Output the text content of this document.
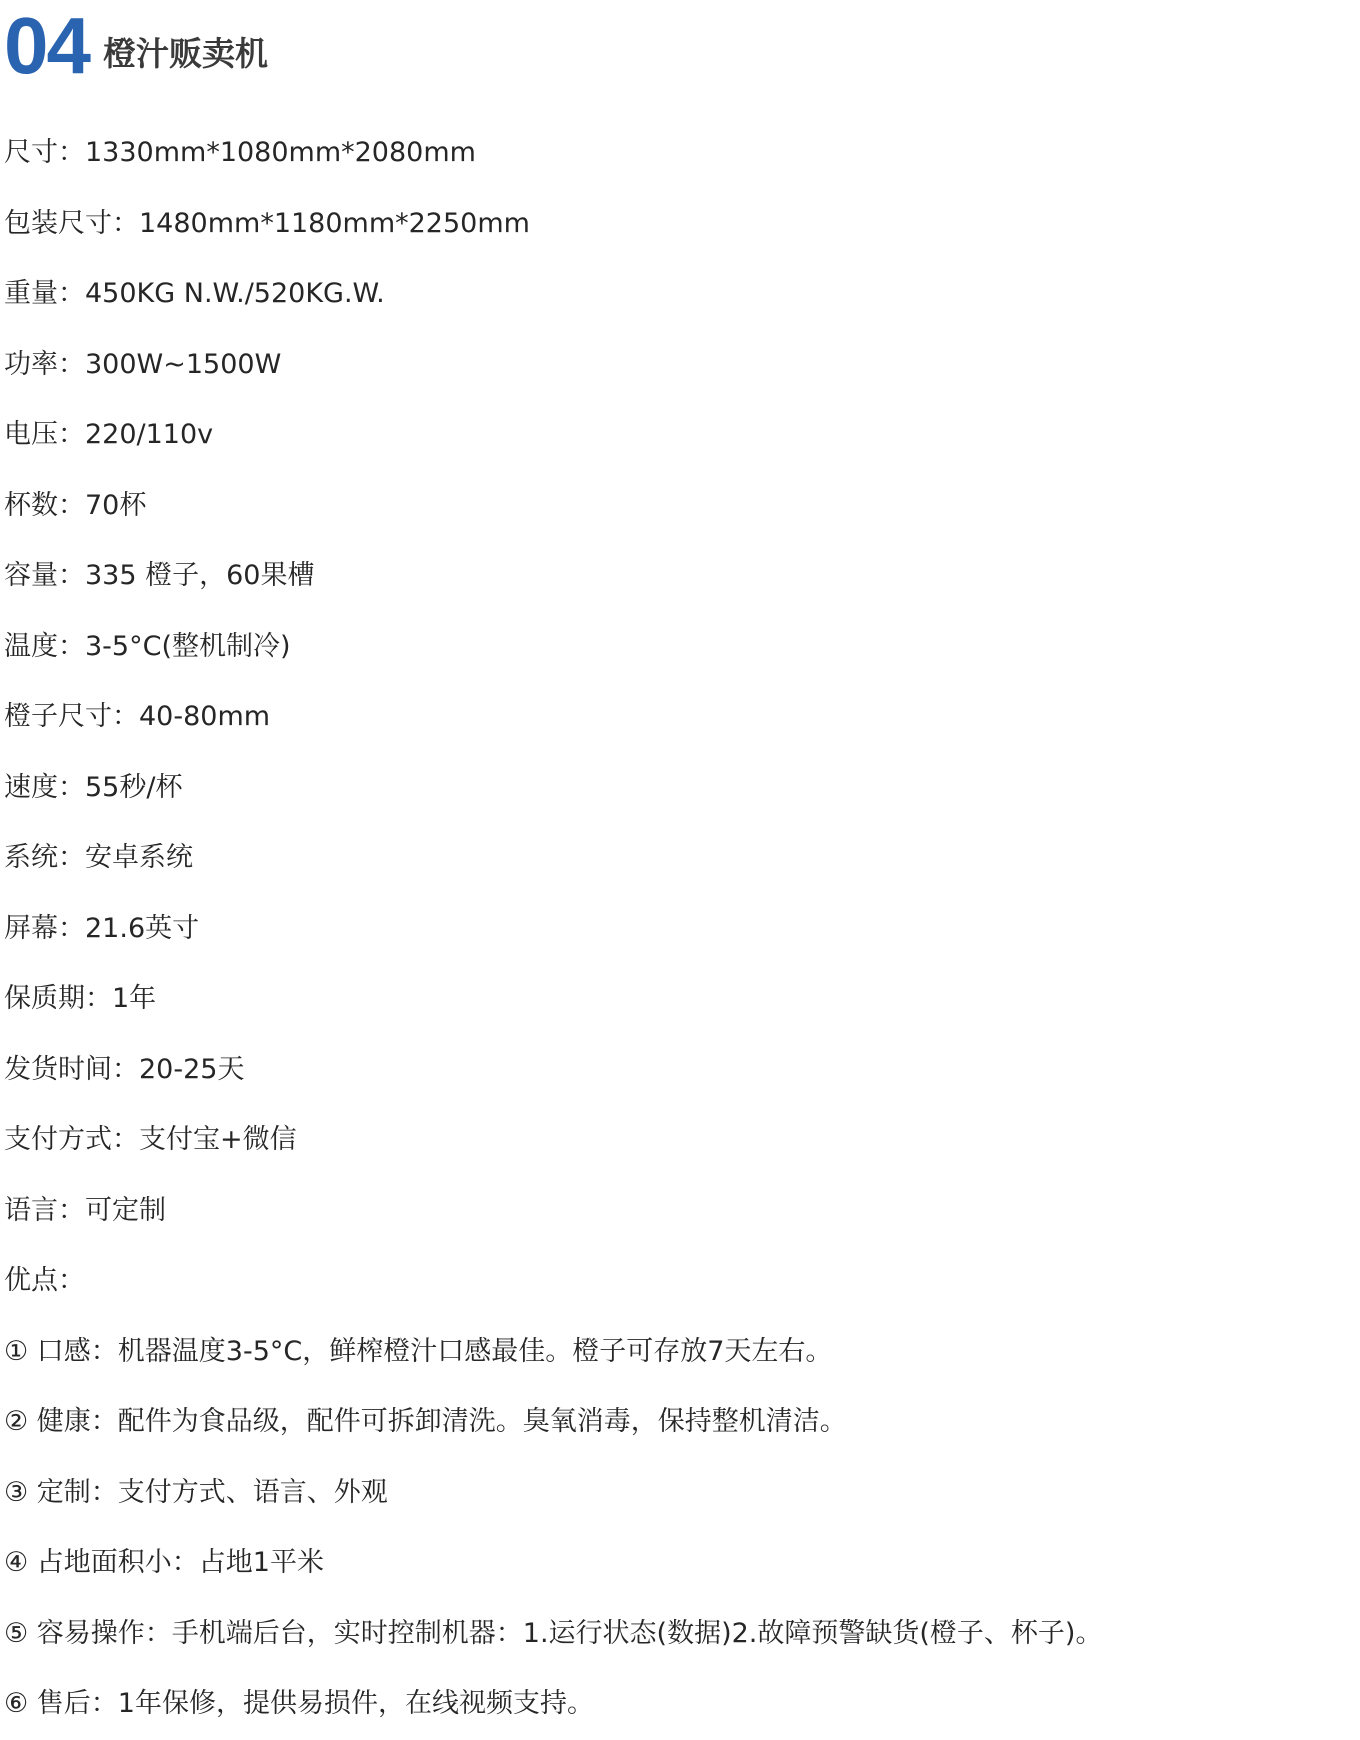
04 橙汁贩卖机
尺寸：1330mm*1080mm*2080mm
包装尺寸：1480mm*1180mm*2250mm
重量：450KG N.W./520KG.W.
功率：300W~1500W
电压：220/110v
杯数：70杯
容量：335 橙子，60果槽
温度：3-5°C(整机制冷)
橙子尺寸：40-80mm
速度：55秒/杯
系统：安卓系统
屏幕：21.6英寸
保质期：1年
发货时间：20-25天
支付方式：支付宝+微信
语言：可定制
优点：
① 口感：机器温度3-5°C，鲜榨橙汁口感最佳。橙子可存放7天左右。
② 健康：配件为食品级，配件可拆卸清洗。臭氧消毒，保持整机清洁。
③ 定制：支付方式、语言、外观
④ 占地面积小：占地1平米
⑤ 容易操作：手机端后台，实时控制机器：1.运行状态(数据)2.故障预警缺货(橙子、杯子)。
⑥ 售后：1年保修，提供易损件，在线视频支持。
